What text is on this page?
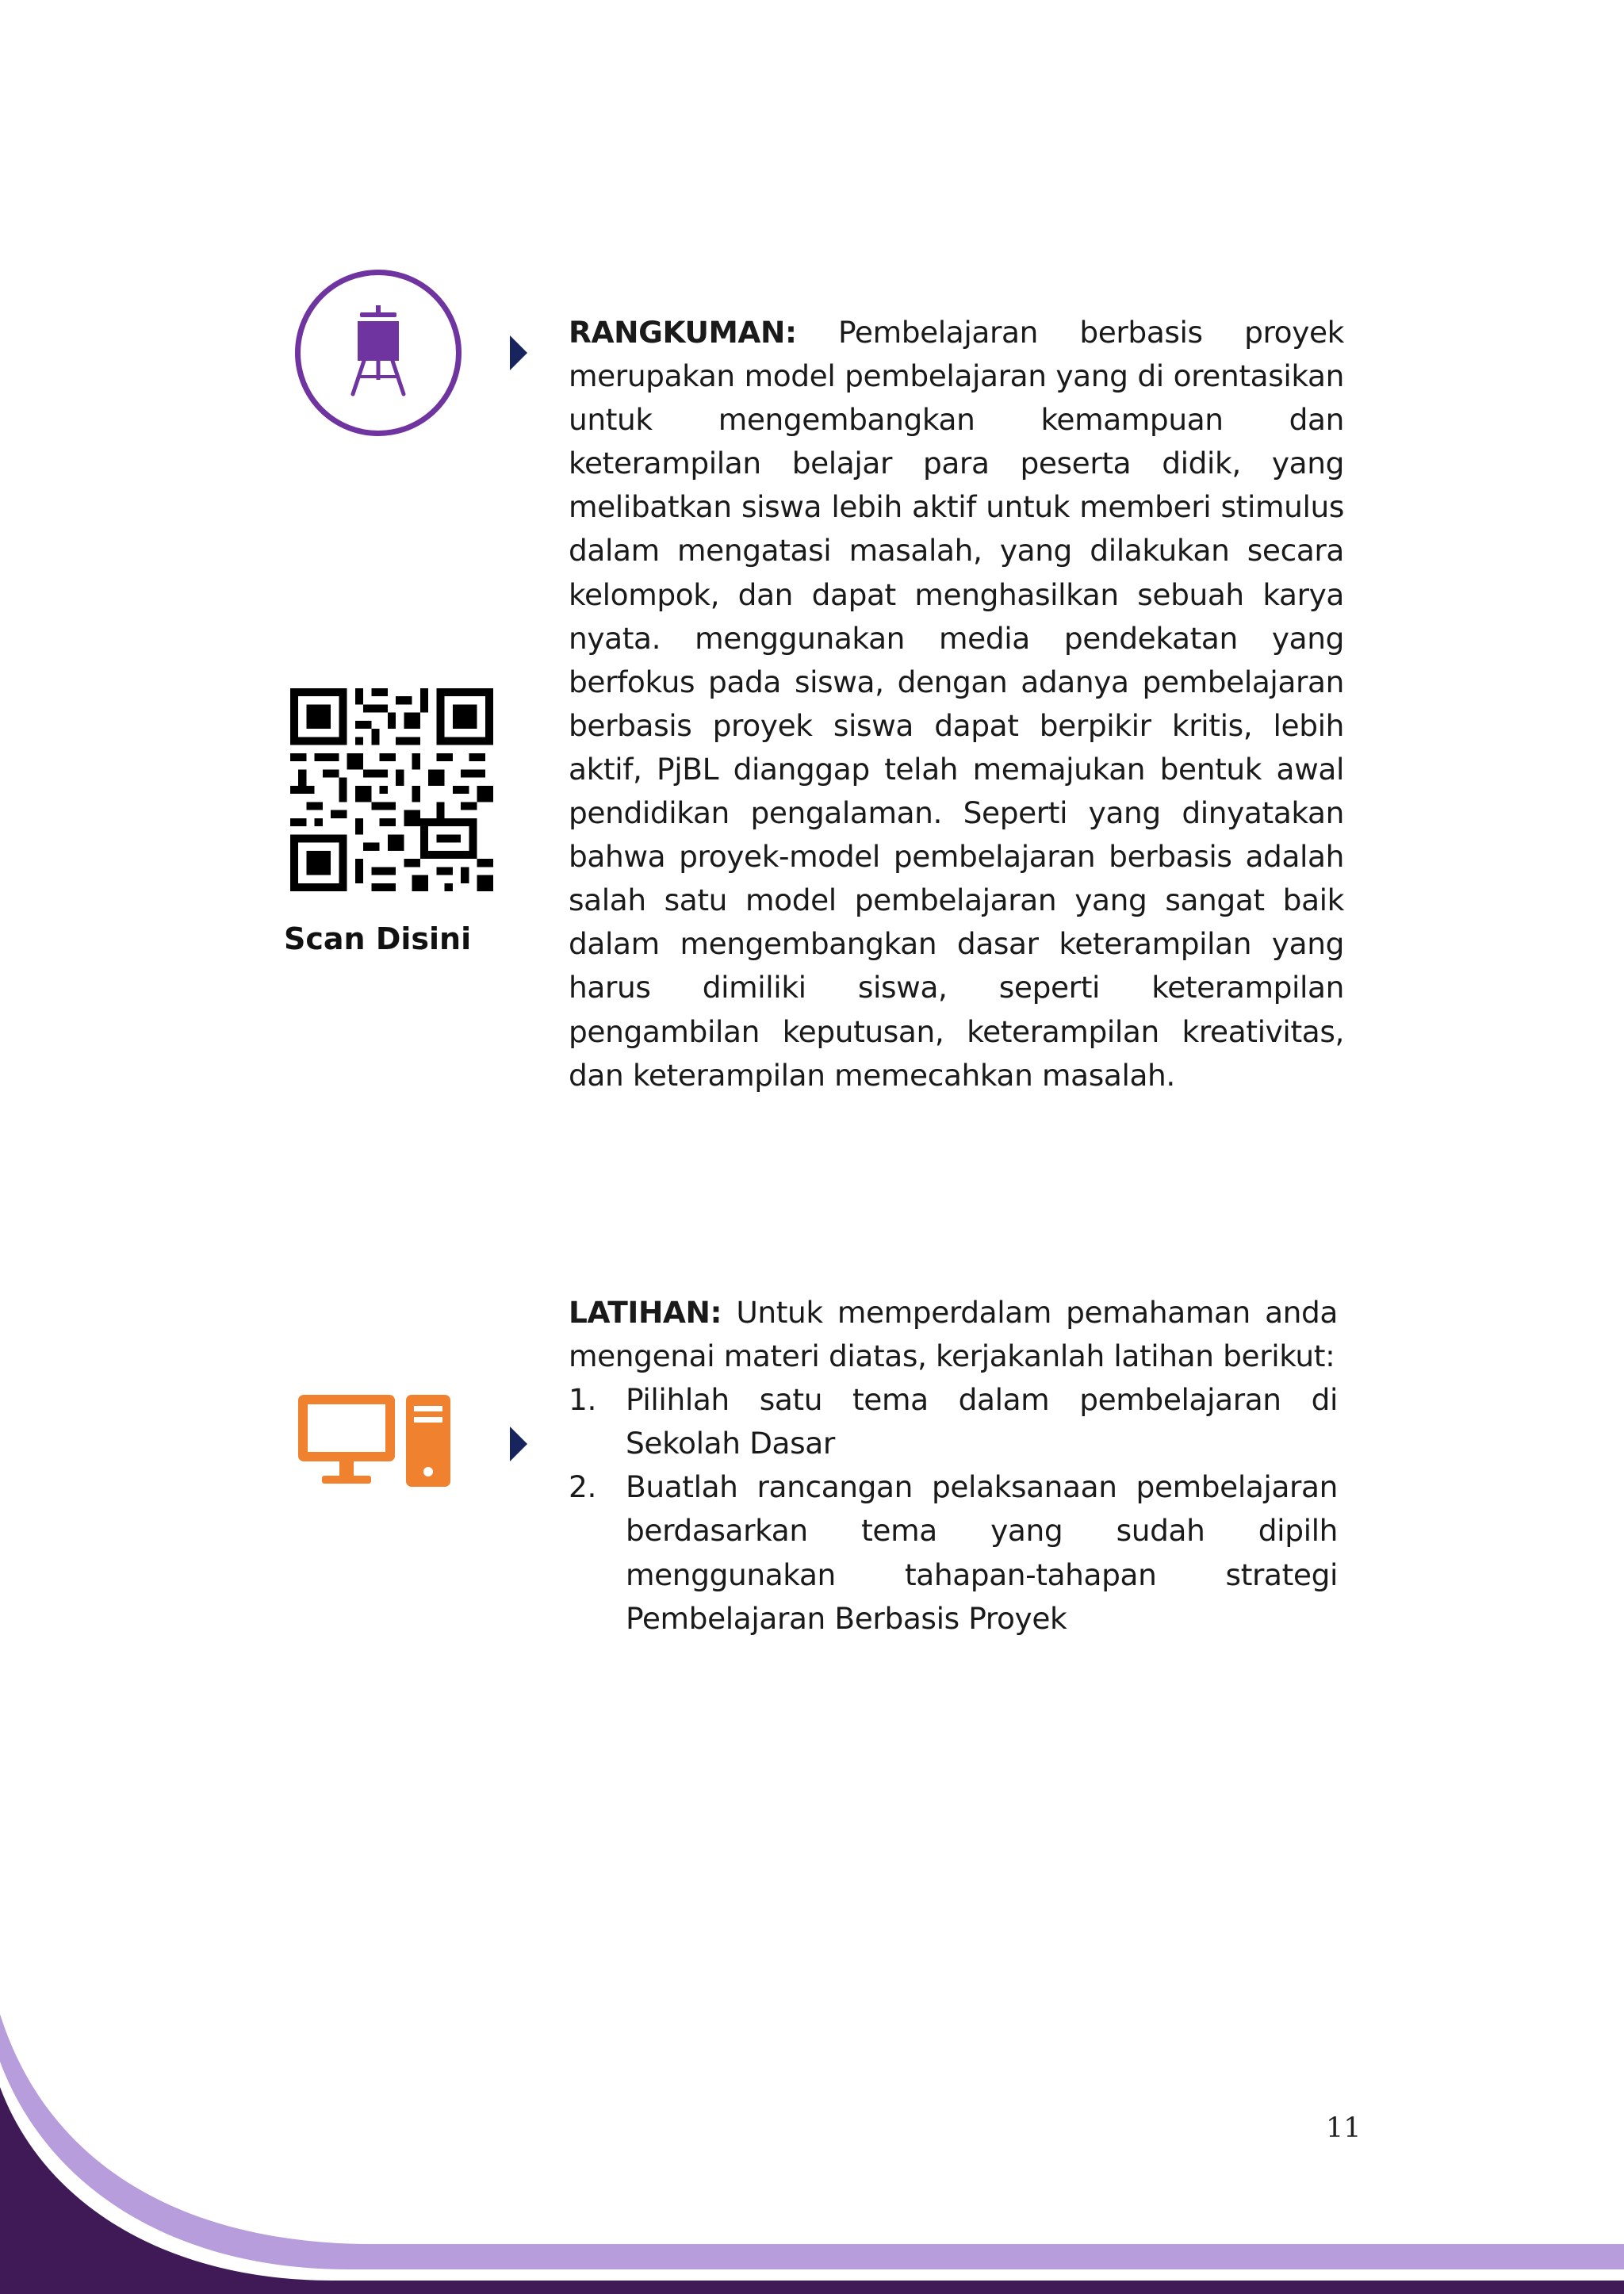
RANGKUMAN: Pembelajaran berbasis proyek merupakan model pembelajaran yang di orentasikan untuk mengembangkan kemampuan dan keterampilan belajar para peserta didik, yang melibatkan siswa lebih aktif untuk memberi stimulus dalam mengatasi masalah, yang dilakukan secara kelompok, dan dapat menghasilkan sebuah karya nyata. menggunakan media pendekatan yang berfokus pada siswa, dengan adanya pembelajaran berbasis proyek siswa dapat berpikir kritis, lebih aktif, PjBL dianggap telah memajukan bentuk awal pendidikan pengalaman. Seperti yang dinyatakan bahwa proyek-model pembelajaran berbasis adalah salah satu model pembelajaran yang sangat baik dalam mengembangkan dasar keterampilan yang harus dimiliki siswa, seperti keterampilan pengambilan keputusan, keterampilan kreativitas, dan keterampilan memecahkan masalah.
Scan Disini

LATIHAN: Untuk memperdalam pemahaman anda mengenai materi diatas, kerjakanlah latihan berikut:

1. Pilihlah satu tema dalam pembelajaran di Sekolah Dasar
2. Buatlah rancangan pelaksanaan pembelajaran berdasarkan tema yang sudah dipilh menggunakan tahapan-tahapan strategi Pembelajaran Berbasis Proyek
11
